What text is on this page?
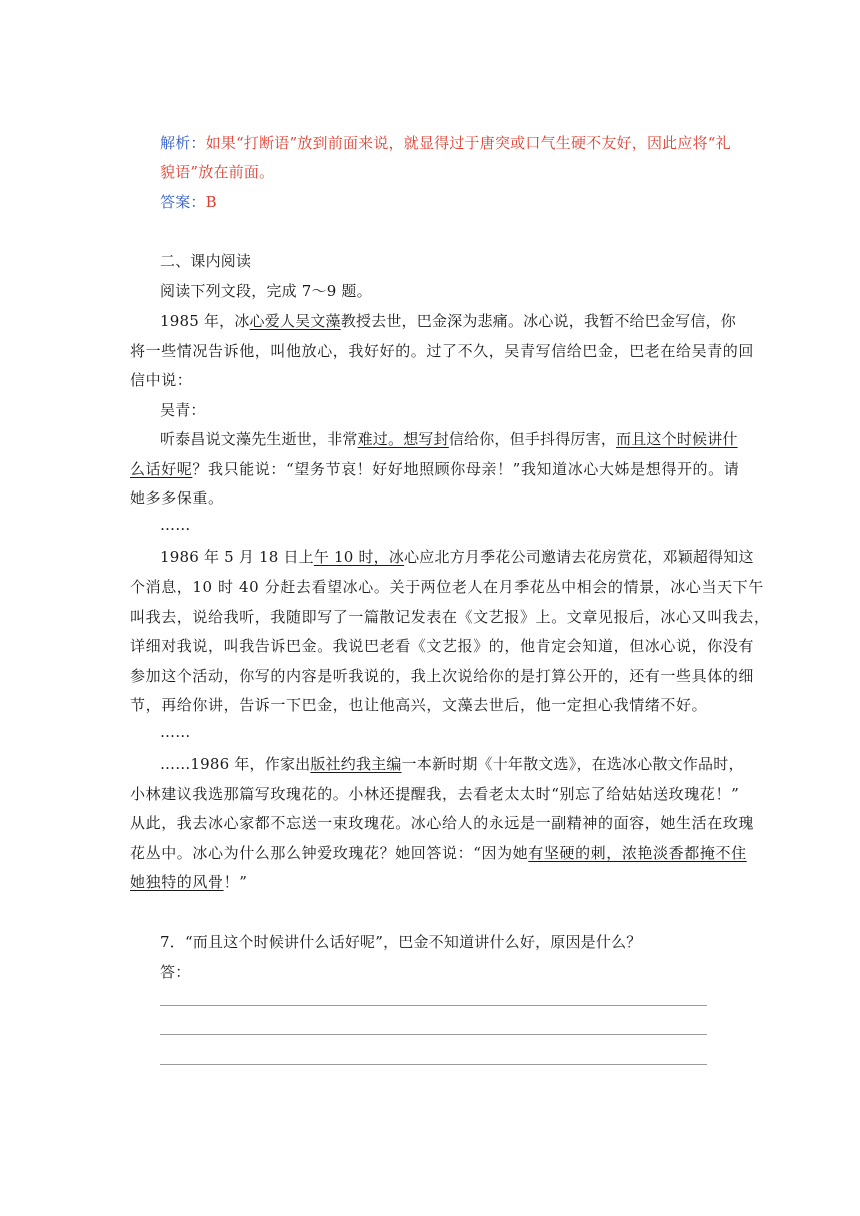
解析：如果“打断语”放到前面来说，就显得过于唐突或口气生硬不友好，因此应将“礼
貌语”放在前面。
答案：B
二、课内阅读
阅读下列文段，完成 7～9 题。
1985 年，冰心爱人吴文藻教授去世，巴金深为悲痛。冰心说，我暂不给巴金写信，你
将一些情况告诉他，叫他放心，我好好的。过了不久，吴青写信给巴金，巴老在给吴青的回
信中说：
吴青：
听泰昌说文藻先生逝世，非常难过。想写封信给你，但手抖得厉害，而且这个时候讲什
么话好呢？我只能说：“望务节哀！好好地照顾你母亲！”我知道冰心大姊是想得开的。请
她多多保重。
……
1986 年 5 月 18 日上午 10 时，冰心应北方月季花公司邀请去花房赏花，邓颖超得知这
个消息，10 时 40 分赶去看望冰心。关于两位老人在月季花丛中相会的情景，冰心当天下午
叫我去，说给我听，我随即写了一篇散记发表在《文艺报》上。文章见报后，冰心又叫我去，
详细对我说，叫我告诉巴金。我说巴老看《文艺报》的，他肯定会知道，但冰心说，你没有
参加这个活动，你写的内容是听我说的，我上次说给你的是打算公开的，还有一些具体的细
节，再给你讲，告诉一下巴金，也让他高兴，文藻去世后，他一定担心我情绪不好。
……
……1986 年，作家出版社约我主编一本新时期《十年散文选》，在选冰心散文作品时，
小林建议我选那篇写玫瑰花的。小林还提醒我，去看老太太时“别忘了给姑姑送玫瑰花！”
从此，我去冰心家都不忘送一束玫瑰花。冰心给人的永远是一副精神的面容，她生活在玫瑰
花丛中。冰心为什么那么钟爱玫瑰花？她回答说：“因为她有坚硬的刺，浓艳淡香都掩不住
她独特的风骨！”
7．“而且这个时候讲什么话好呢”，巴金不知道讲什么好，原因是什么？
答：
